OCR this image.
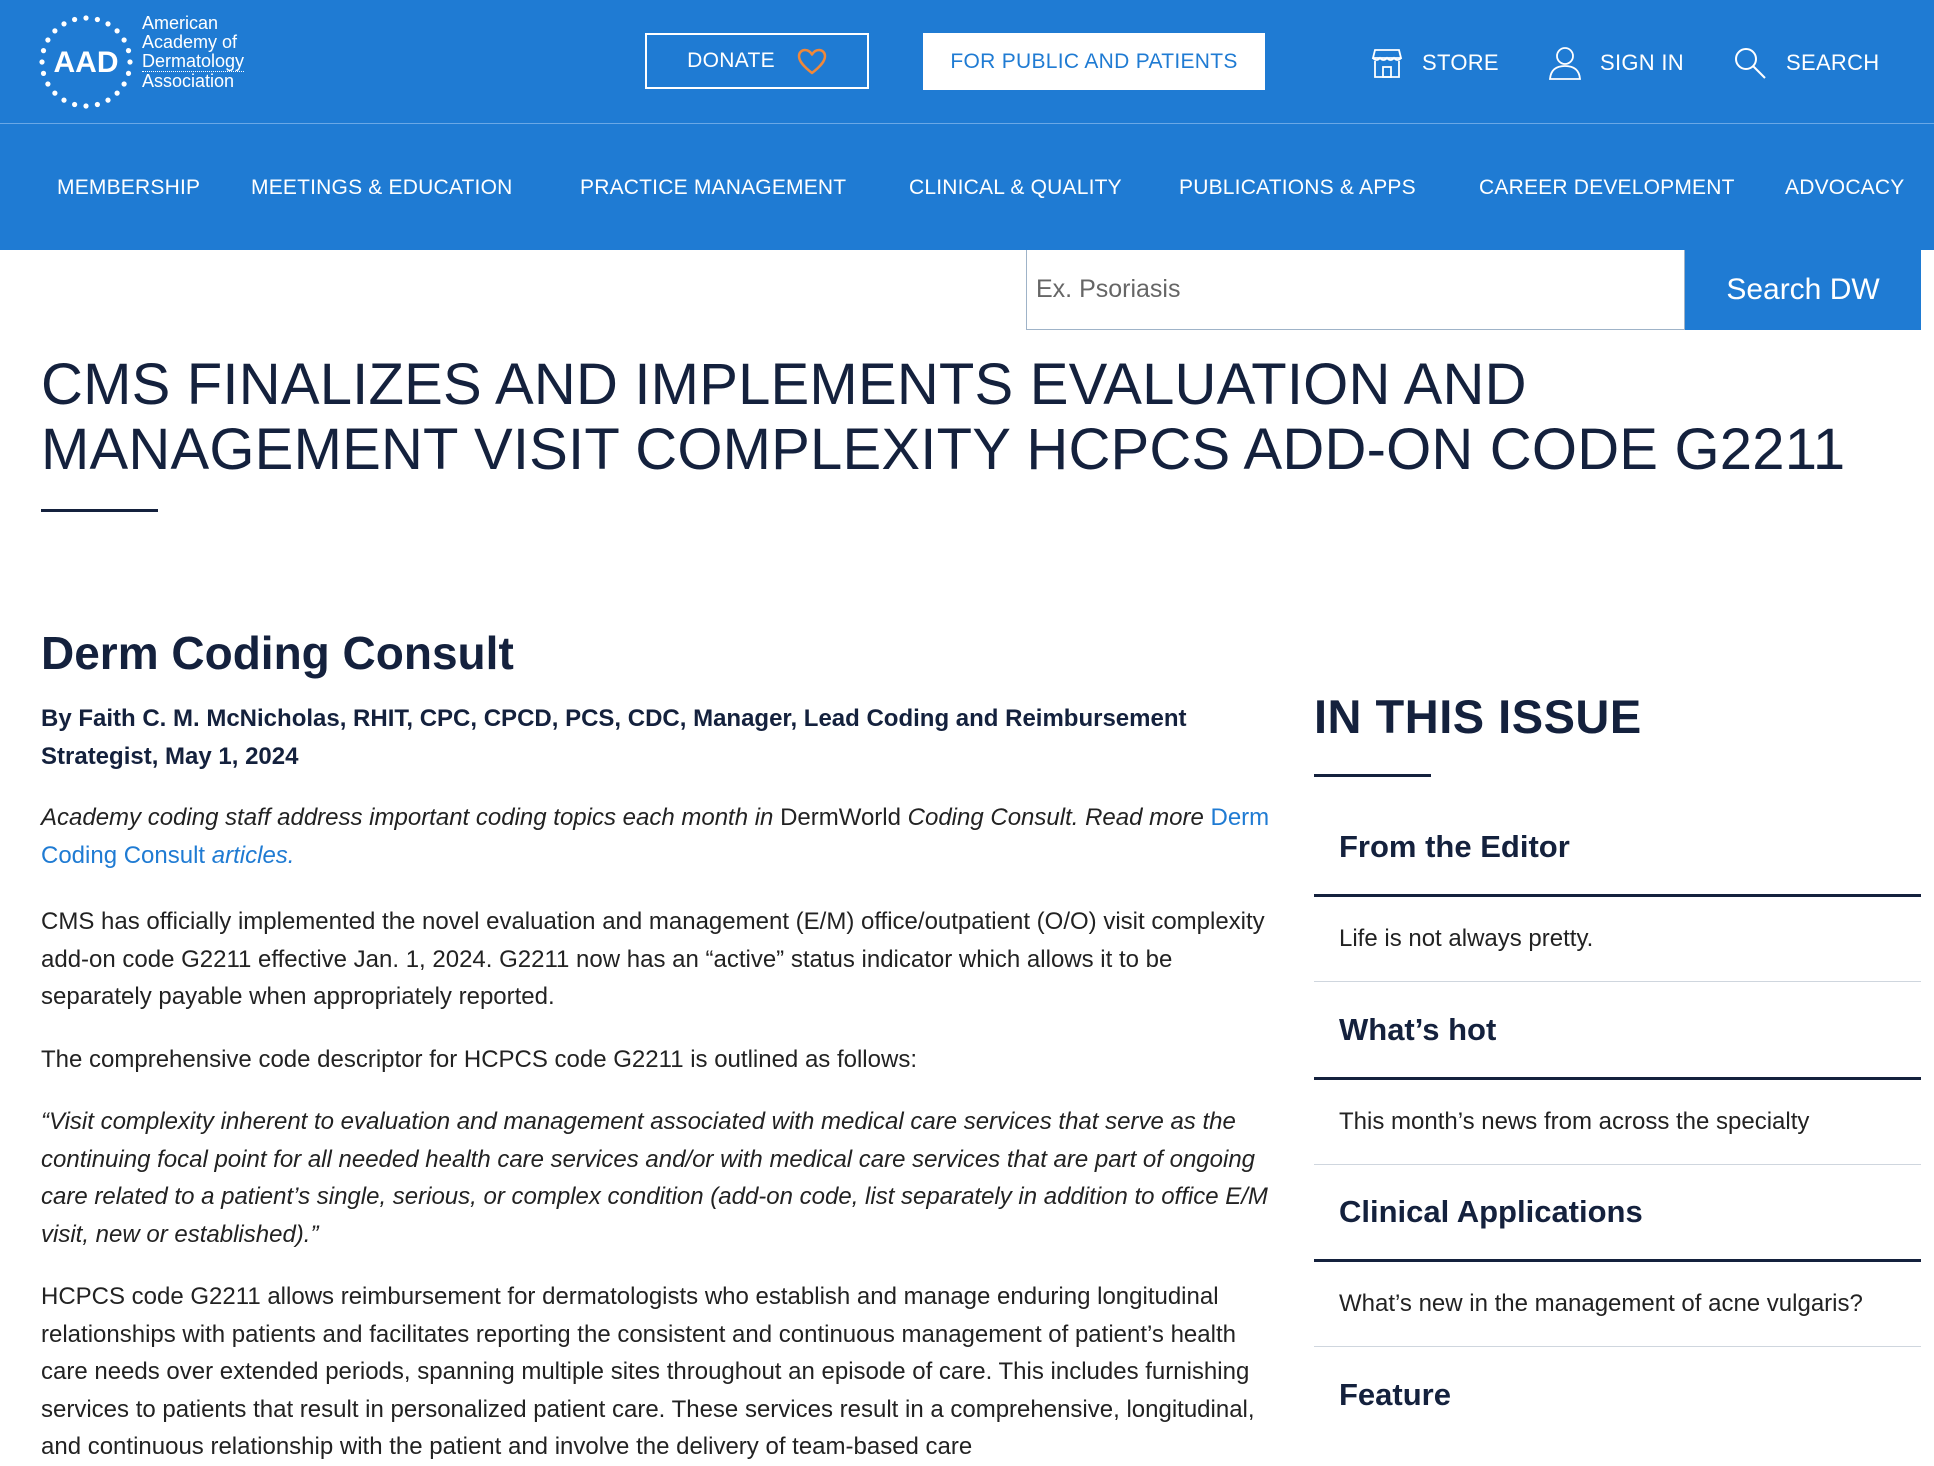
AAD
American
Academy of
Dermatology
Association
DONATE	FOR PUBLIC AND PATIENTS	STORE	SIGN IN	SEARCH
MEMBERSHIP MEETINGS & EDUCATION	PRACTICE MANAGEMENT	CLINICAL & QUALITY	PUBLICATIONS & APPS	CAREER DEVELOPMENT ADVOCACY
Ex. Psoriasis
Search DW
CMS FINALIZES AND IMPLEMENTS EVALUATION AND MANAGEMENT VISIT COMPLEXITY HCPCS ADD-ON CODE G2211
Derm Coding Consult
By Faith C. M. McNicholas, RHIT, CPC, CPCD, PCS, CDC, Manager, Lead Coding and Reimbursement Strategist, May 1, 2024

Academy coding staff address important coding topics each month in DermWorld Coding Consult. Read more Derm Coding Consult articles.

CMS has officially implemented the novel evaluation and management (E/M) office/outpatient (O/O) visit complexity add-on code G2211 effective Jan. 1, 2024. G2211 now has an “active” status indicator which allows it to be separately payable when appropriately reported.

The comprehensive code descriptor for HCPCS code G2211 is outlined as follows:

“Visit complexity inherent to evaluation and management associated with medical care services that serve as the continuing focal point for all needed health care services and/or with medical care services that are part of ongoing care related to a patient’s single, serious, or complex condition (add-on code, list separately in addition to office E/M visit, new or established).”

HCPCS code G2211 allows reimbursement for dermatologists who establish and manage enduring longitudinal relationships with patients and facilitates reporting the consistent and continuous management of patient’s health care needs over extended periods, spanning multiple sites throughout an episode of care. This includes furnishing services to patients that result in personalized patient care. These services result in a comprehensive, longitudinal, and continuous relationship with the patient and involve the delivery of team-based care

IN THIS ISSUE
From the Editor
Life is not always pretty.
What’s hot
This month’s news from across the specialty
Clinical Applications
What’s new in the management of acne vulgaris?
Feature
